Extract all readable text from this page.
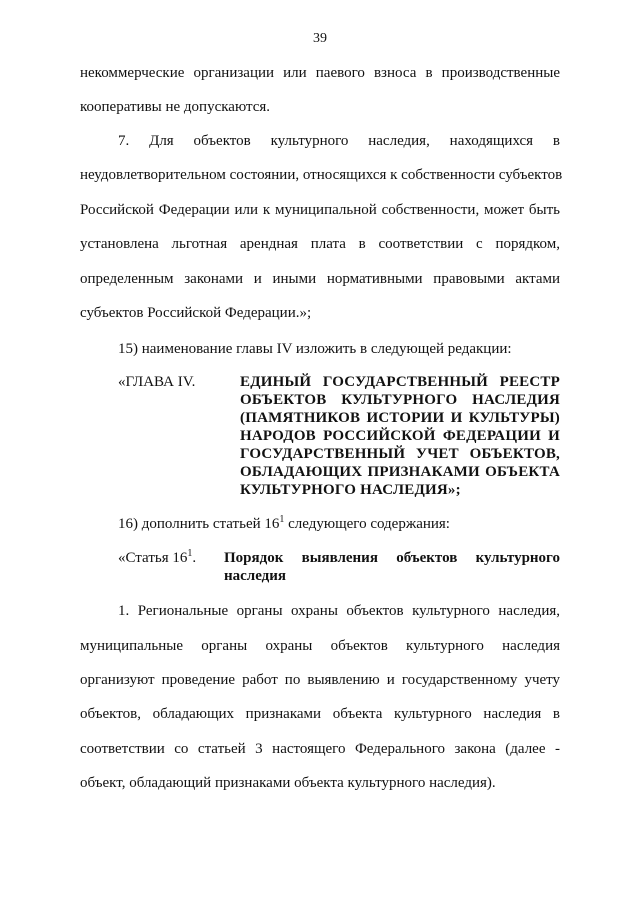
39
некоммерческие организации или паевого взноса в производственные
кооперативы не допускаются.
7. Для объектов культурного наследия, находящихся в
неудовлетворительном состоянии, относящихся к собственности субъектов
Российской Федерации или к муниципальной собственности, может быть
установлена льготная арендная плата в соответствии с порядком,
определенным законами и иными нормативными правовыми актами
субъектов Российской Федерации.»;
15) наименование главы IV изложить в следующей редакции:
«ГЛАВА IV.	ЕДИНЫЙ ГОСУДАРСТВЕННЫЙ РЕЕСТР
ОБЪЕКТОВ КУЛЬТУРНОГО НАСЛЕДИЯ
(ПАМЯТНИКОВ ИСТОРИИ И КУЛЬТУРЫ)
НАРОДОВ РОССИЙСКОЙ ФЕДЕРАЦИИ И
ГОСУДАРСТВЕННЫЙ УЧЕТ ОБЪЕКТОВ,
ОБЛАДАЮЩИХ ПРИЗНАКАМИ ОБЪЕКТА
КУЛЬТУРНОГО НАСЛЕДИЯ»;
16) дополнить статьей $16^1$ следующего содержания:
«Статья $16^1$. Порядок выявления объектов культурного
наследия
1. Региональные органы охраны объектов культурного наследия,
муниципальные органы охраны объектов культурного наследия
организуют проведение работ по выявлению и государственному учету
объектов, обладающих признаками объекта культурного наследия в
соответствии со статьей 3 настоящего Федерального закона (далее -
объект, обладающий признаками объекта культурного наследия).
